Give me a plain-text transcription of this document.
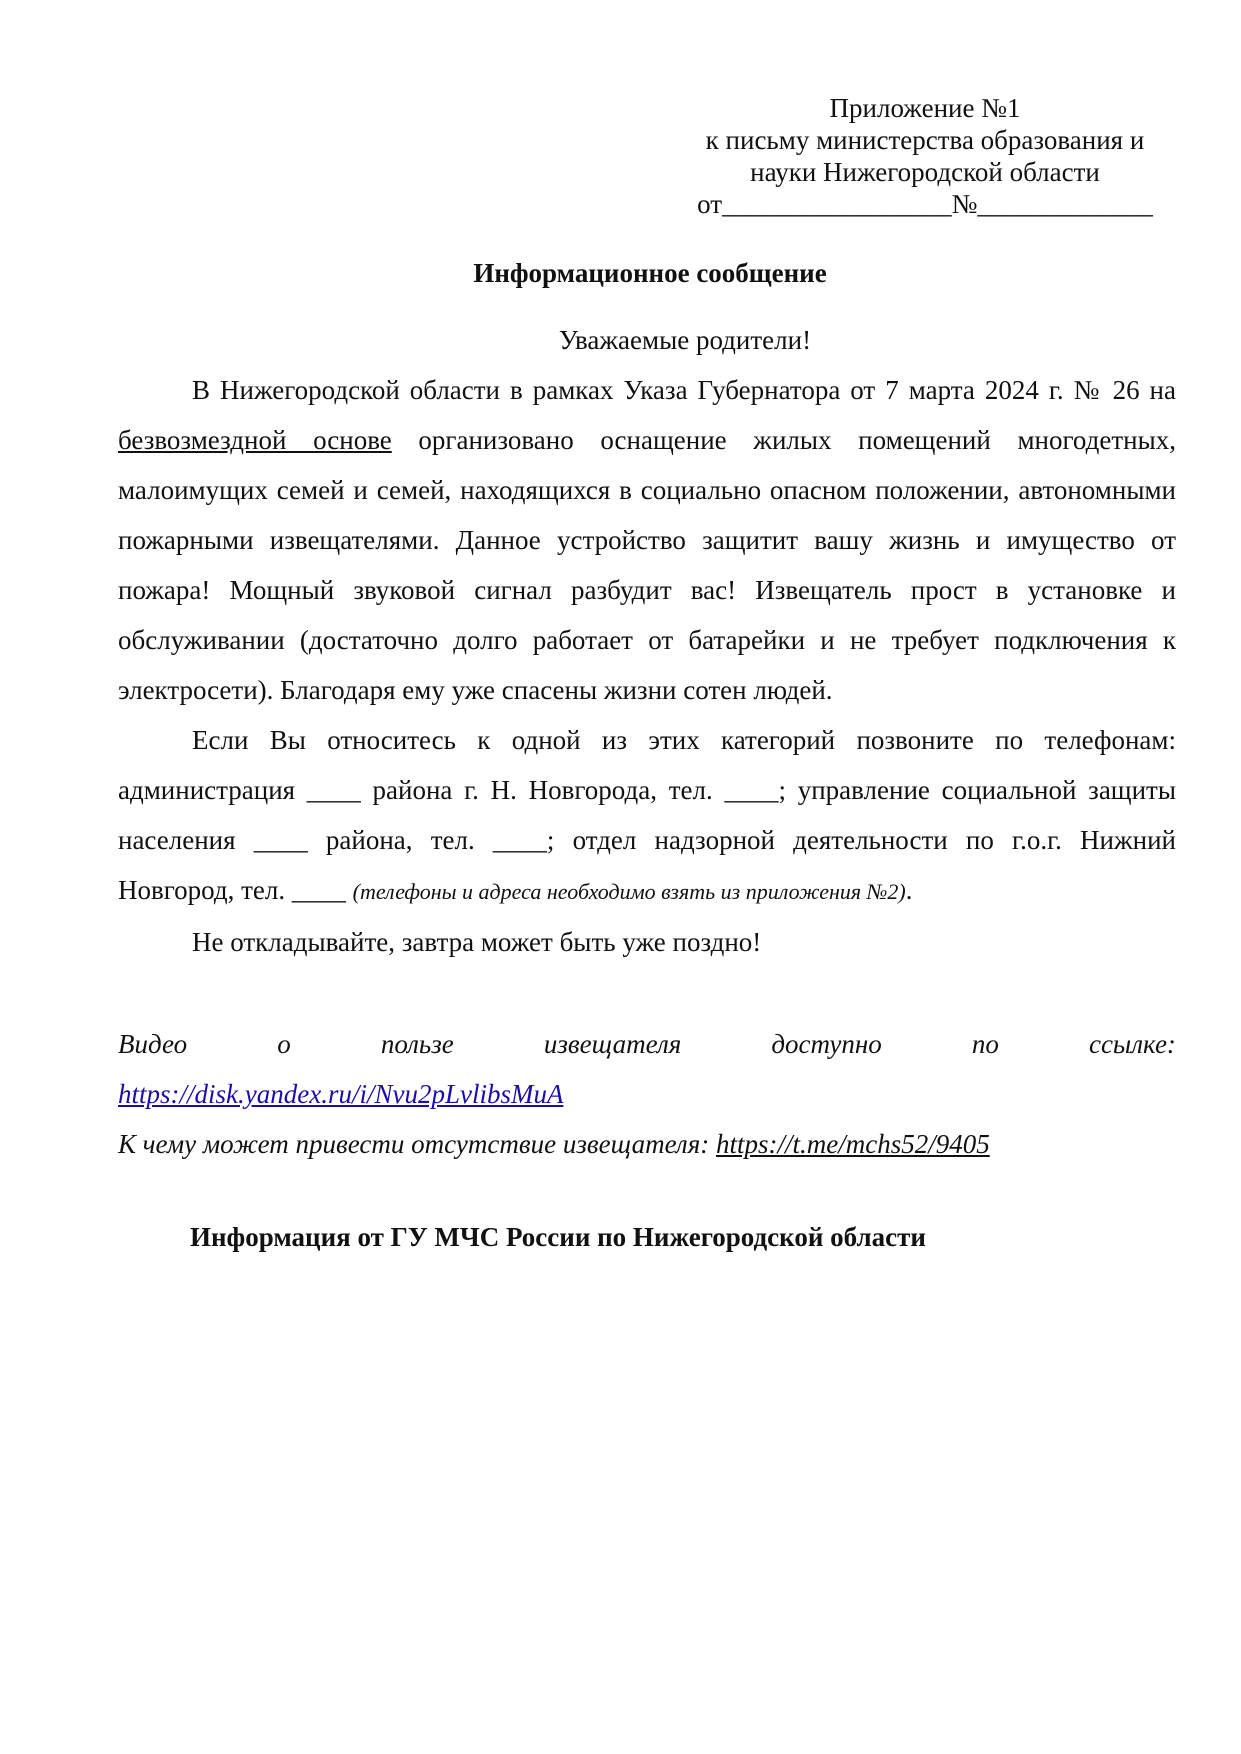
Приложение №1
к письму министерства образования и
науки Нижегородской области
от_________________№_____________
Информационное сообщение
Уважаемые родители!

В Нижегородской области в рамках Указа Губернатора от 7 марта 2024 г. № 26 на безвозмездной основе организовано оснащение жилых помещений многодетных, малоимущих семей и семей, находящихся в социально опасном положении, автономными пожарными извещателями. Данное устройство защитит вашу жизнь и имущество от пожара! Мощный звуковой сигнал разбудит вас! Извещатель прост в установке и обслуживании (достаточно долго работает от батарейки и не требует подключения к электросети). Благодаря ему уже спасены жизни сотен людей.

Если Вы относитесь к одной из этих категорий позвоните по телефонам: администрация ____ района г. Н. Новгорода, тел. ____; управление социальной защиты населения ____ района, тел. ____; отдел надзорной деятельности по г.о.г. Нижний Новгород, тел. ____ (телефоны и адреса необходимо взять из приложения №2).

Не откладывайте, завтра может быть уже поздно!

Видео	о	пользе	извещателя	доступно	по	ссылке:
https://disk.yandex.ru/i/Nvu2pLvlibsMuA
К чему может привести отсутствие извещателя: https://t.me/mchs52/9405
Информация от ГУ МЧС России по Нижегородской области
